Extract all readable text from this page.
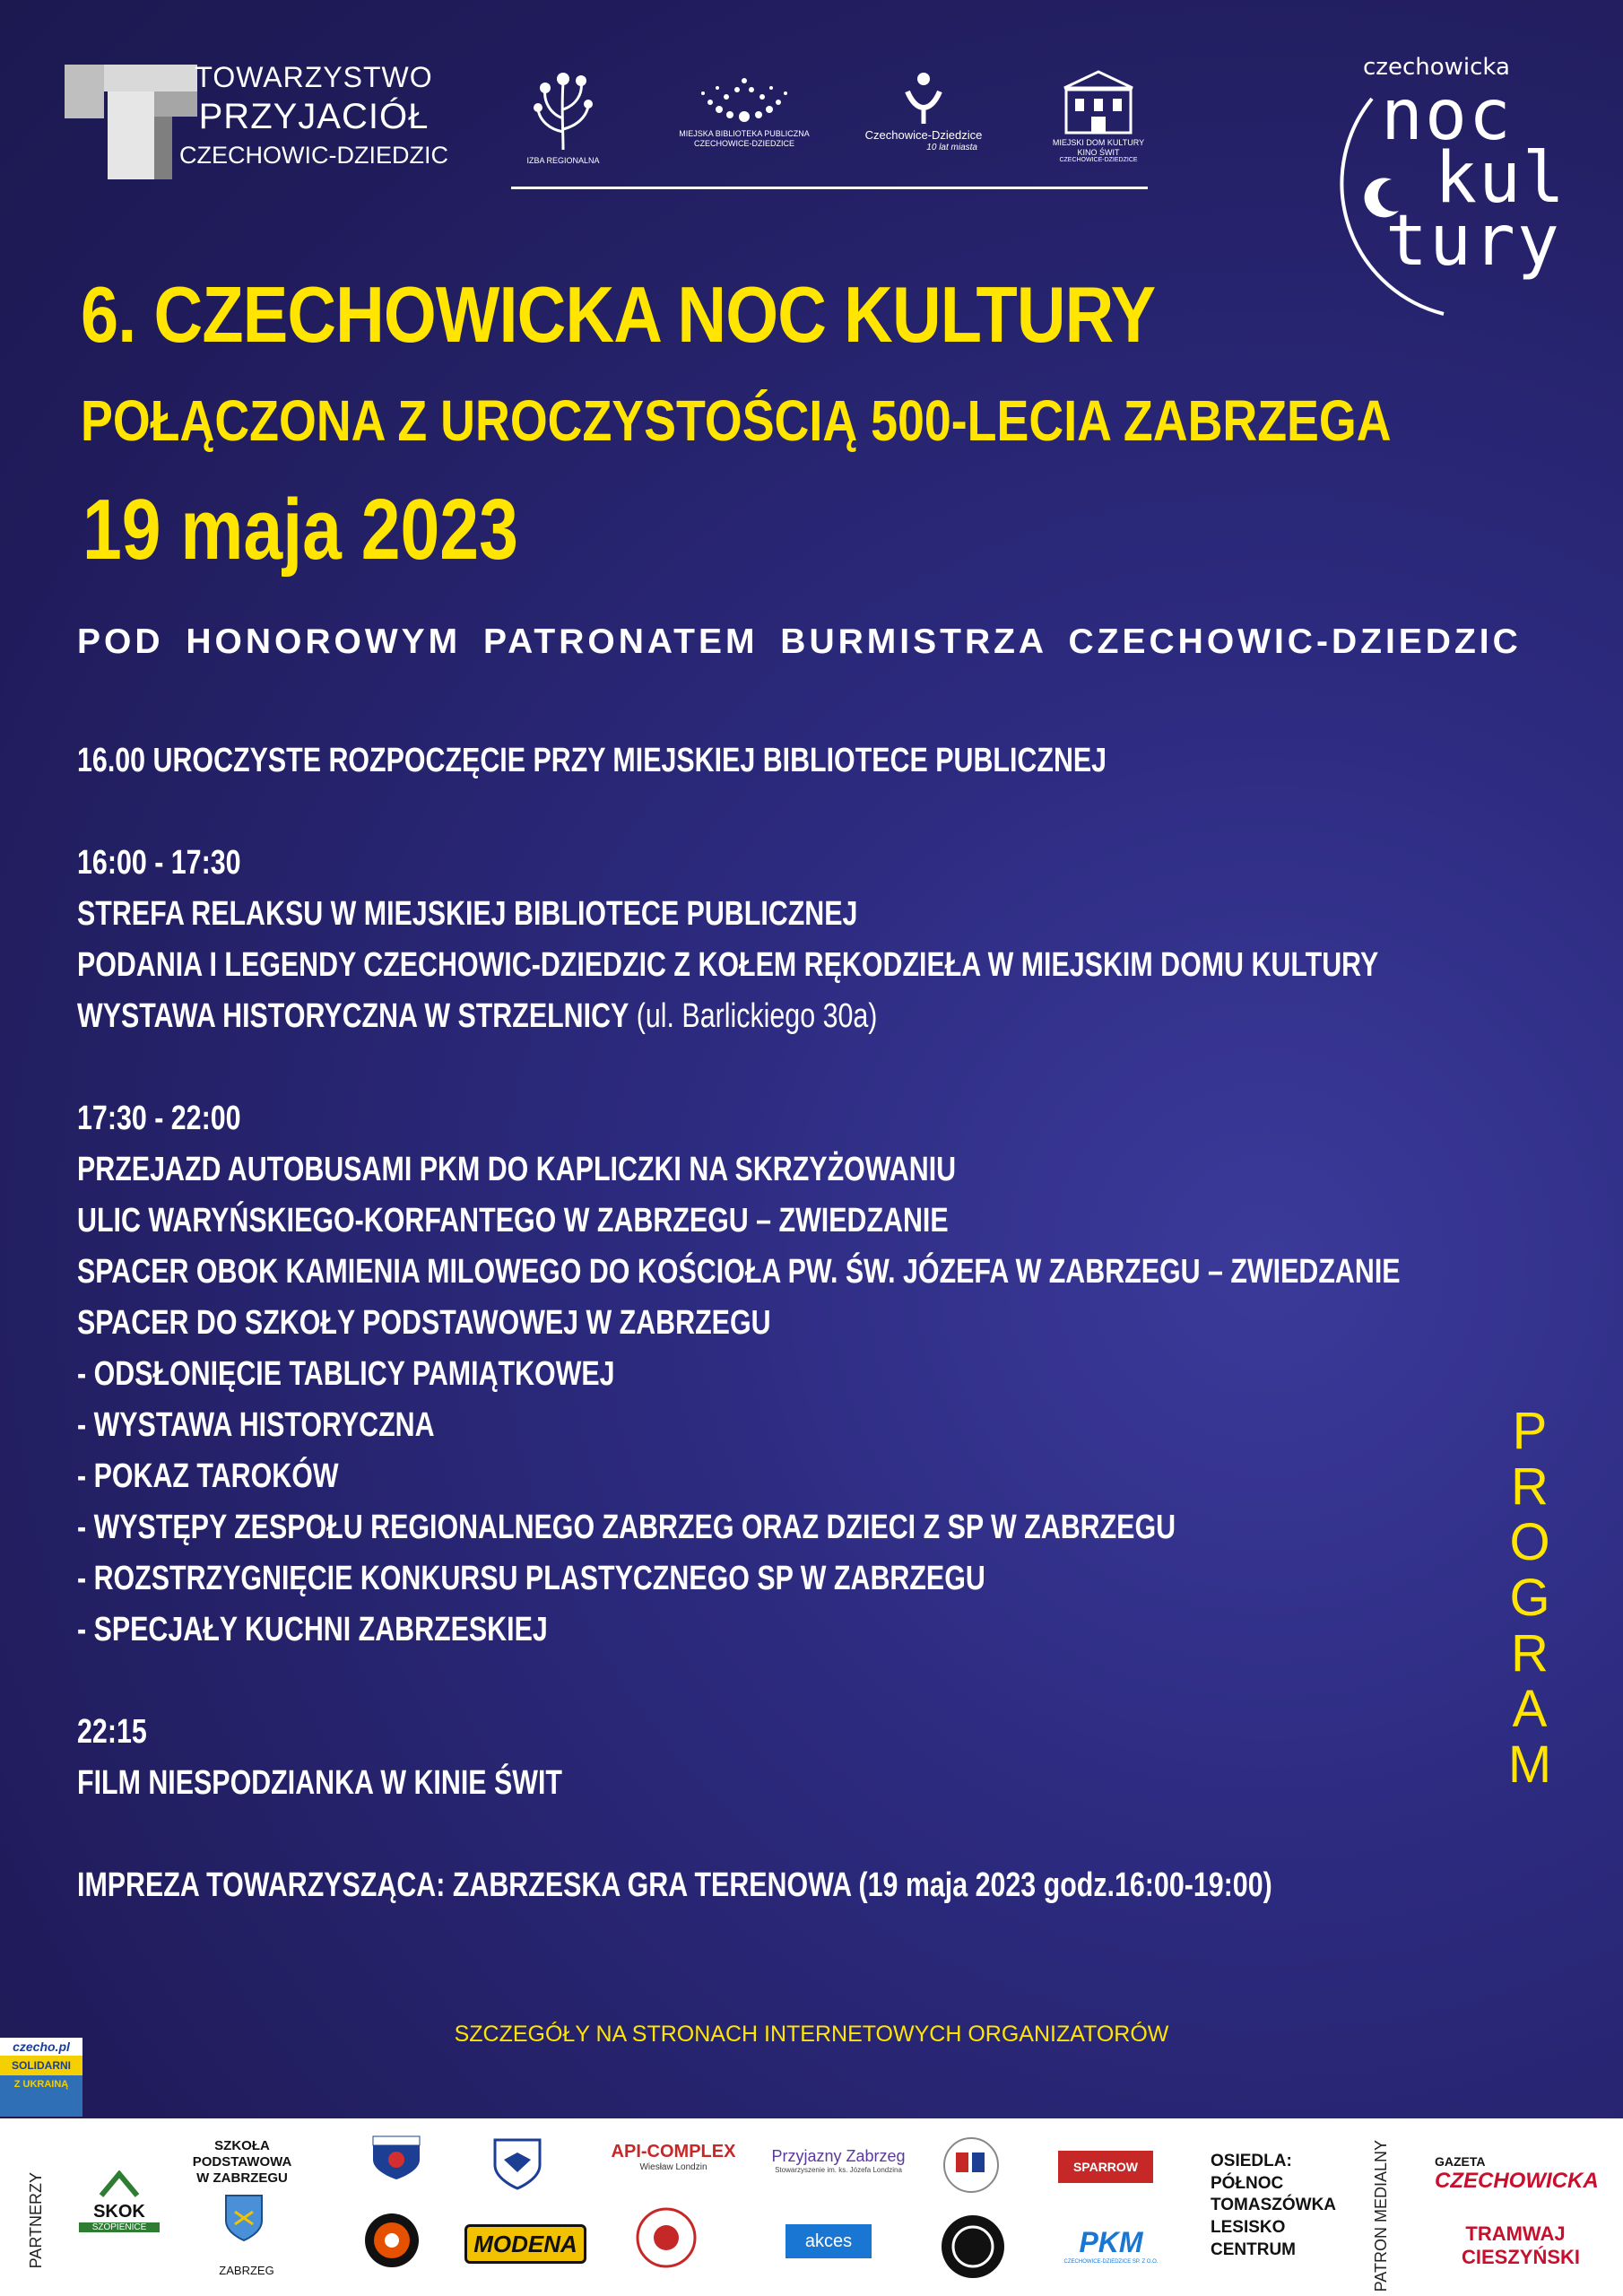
TOWARZYSTWO
PRZYJACIÓŁ
CZECHOWIC-DZIEDZIC	IZBA REGIONALNA
MIEJSKA BIBLIOTEKA PUBLICZNA
CZECHOWICE-DZIEDZICE
Czechowice-Dziedzice
10 lat miasta	MIEJSKI DOM KULTURY
KINO ŚWIT
CZECHOWICE-DZIEDZICE
czechowicka
noc
kul
tury
6. CZECHOWICKA NOC KULTURY
POŁĄCZONA Z UROCZYSTOŚCIĄ 500-LECIA ZABRZEGA
19 maja 2023
POD HONOROWYM PATRONATEM BURMISTRZA CZECHOWIC-DZIEDZIC
16.00 UROCZYSTE ROZPOCZĘCIE PRZY MIEJSKIEJ BIBLIOTECE PUBLICZNEJ
16:00 - 17:30
STREFA RELAKSU W MIEJSKIEJ BIBLIOTECE PUBLICZNEJ
PODANIA I LEGENDY CZECHOWIC-DZIEDZIC Z KOŁEM RĘKODZIEŁA W MIEJSKIM DOMU KULTURY
WYSTAWA HISTORYCZNA W STRZELNICY (ul. Barlickiego 30a)
17:30 - 22:00
PRZEJAZD AUTOBUSAMI PKM DO KAPLICZKI NA SKRZYŻOWANIU
ULIC WARYŃSKIEGO-KORFANTEGO W ZABRZEGU – ZWIEDZANIE
SPACER OBOK KAMIENIA MILOWEGO DO KOŚCIOŁA PW. ŚW. JÓZEFA W ZABRZEGU – ZWIEDZANIE
SPACER DO SZKOŁY PODSTAWOWEJ W ZABRZEGU
- ODSŁONIĘCIE TABLICY PAMIĄTKOWEJ
- WYSTAWA HISTORYCZNA
- POKAZ TAROKÓW
- WYSTĘPY ZESPOŁU REGIONALNEGO ZABRZEG ORAZ DZIECI Z SP W ZABRZEGU
- ROZSTRZYGNIĘCIE KONKURSU PLASTYCZNEGO SP W ZABRZEGU
- SPECJAŁY KUCHNI ZABRZESKIEJ
22:15
FILM NIESPODZIANKA W KINIE ŚWIT
IMPREZA TOWARZYSZĄCA: ZABRZESKA GRA TERENOWA (19 maja 2023 godz.16:00-19:00)
P
R
O
G
R
A
M
SZCZEGÓŁY NA STRONACH INTERNETOWYCH ORGANIZATORÓW
czecho.pl
SOLIDARNI
Z UKRAINĄ
PARTNERZY	SKOK
SZOPIENICE
SZKOŁA PODSTAWOWA
W ZABRZEGU
ZABRZEG
MODENA
API-COMPLEX
Wiesław Londzin
Przyjazny Zabrzeg
Stowarzyszenie im. ks. Józefa Londzina
akces
SPARROW
PKM
CZECHOWICE-DZIEDZICE SP. Z O.O.
OSIEDLA:
PÓŁNOC
TOMASZÓWKA
LESISKO
CENTRUM	PATRON MEDIALNY	GAZETA
CZECHOWICKA
TRAMWAJ
CIESZYŃSKI
